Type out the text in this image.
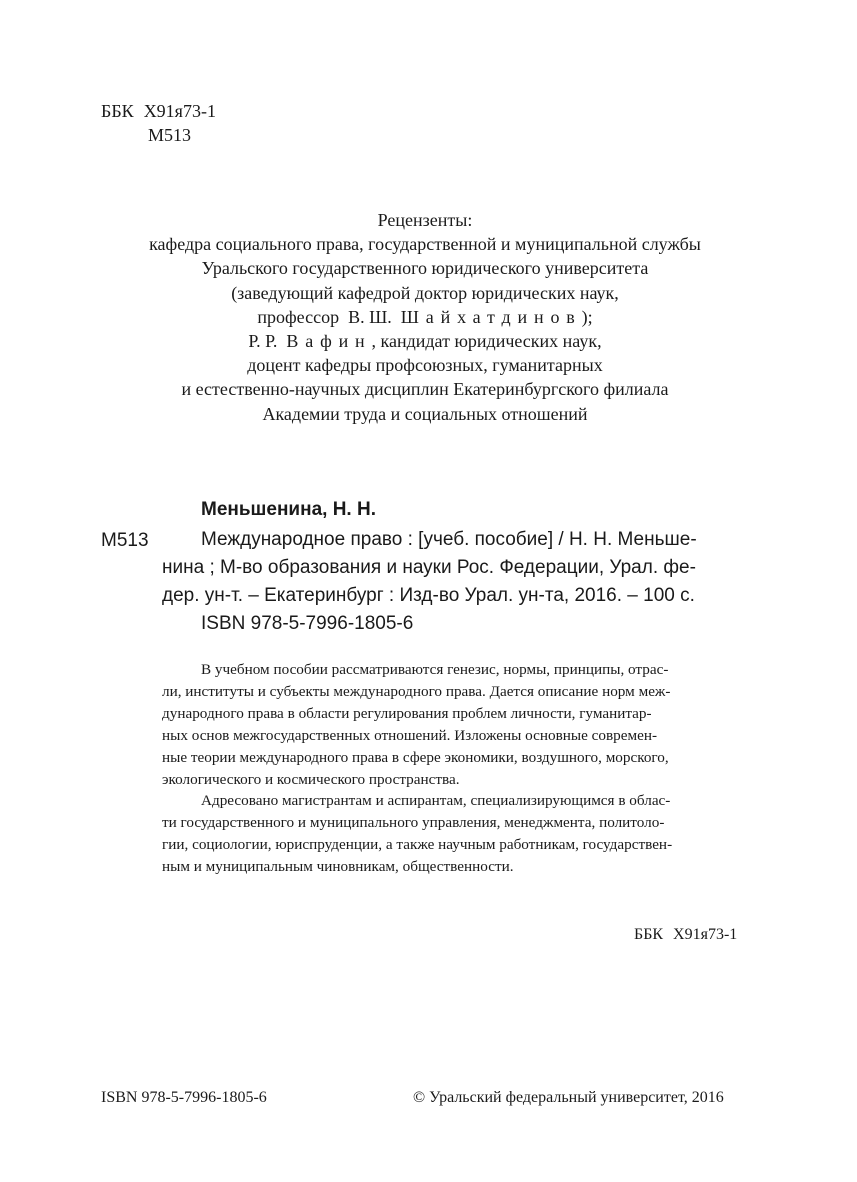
ББК Х91я73-1
М513
Рецензенты:
кафедра социального права, государственной и муниципальной службы
Уральского государственного юридического университета
(заведующий кафедрой доктор юридических наук,
профессор В. Ш. Шайхатдинов);
Р. Р. Вафин, кандидат юридических наук,
доцент кафедры профсоюзных, гуманитарных
и естественно-научных дисциплин Екатеринбургского филиала
Академии труда и социальных отношений
Меньшенина, Н. Н.
М513	Международное право : [учеб. пособие] / Н. Н. Меньше-
нина ; М-во образования и науки Рос. Федерации, Урал. фе-
дер. ун-т. – Екатеринбург : Изд-во Урал. ун-та, 2016. – 100 с.
ISBN 978-5-7996-1805-6
В учебном пособии рассматриваются генезис, нормы, принципы, отрас-
ли, институты и субъекты международного права. Дается описание норм меж-
дународного права в области регулирования проблем личности, гуманитар-
ных основ межгосударственных отношений. Изложены основные современ-
ные теории международного права в сфере экономики, воздушного, морского,
экологического и космического пространства.
Адресовано магистрантам и аспирантам, специализирующимся в облас-
ти государственного и муниципального управления, менеджмента, политоло-
гии, социологии, юриспруденции, а также научным работникам, государствен-
ным и муниципальным чиновникам, общественности.
ББК Х91я73-1
ISBN 978-5-7996-1805-6	© Уральский федеральный университет, 2016
